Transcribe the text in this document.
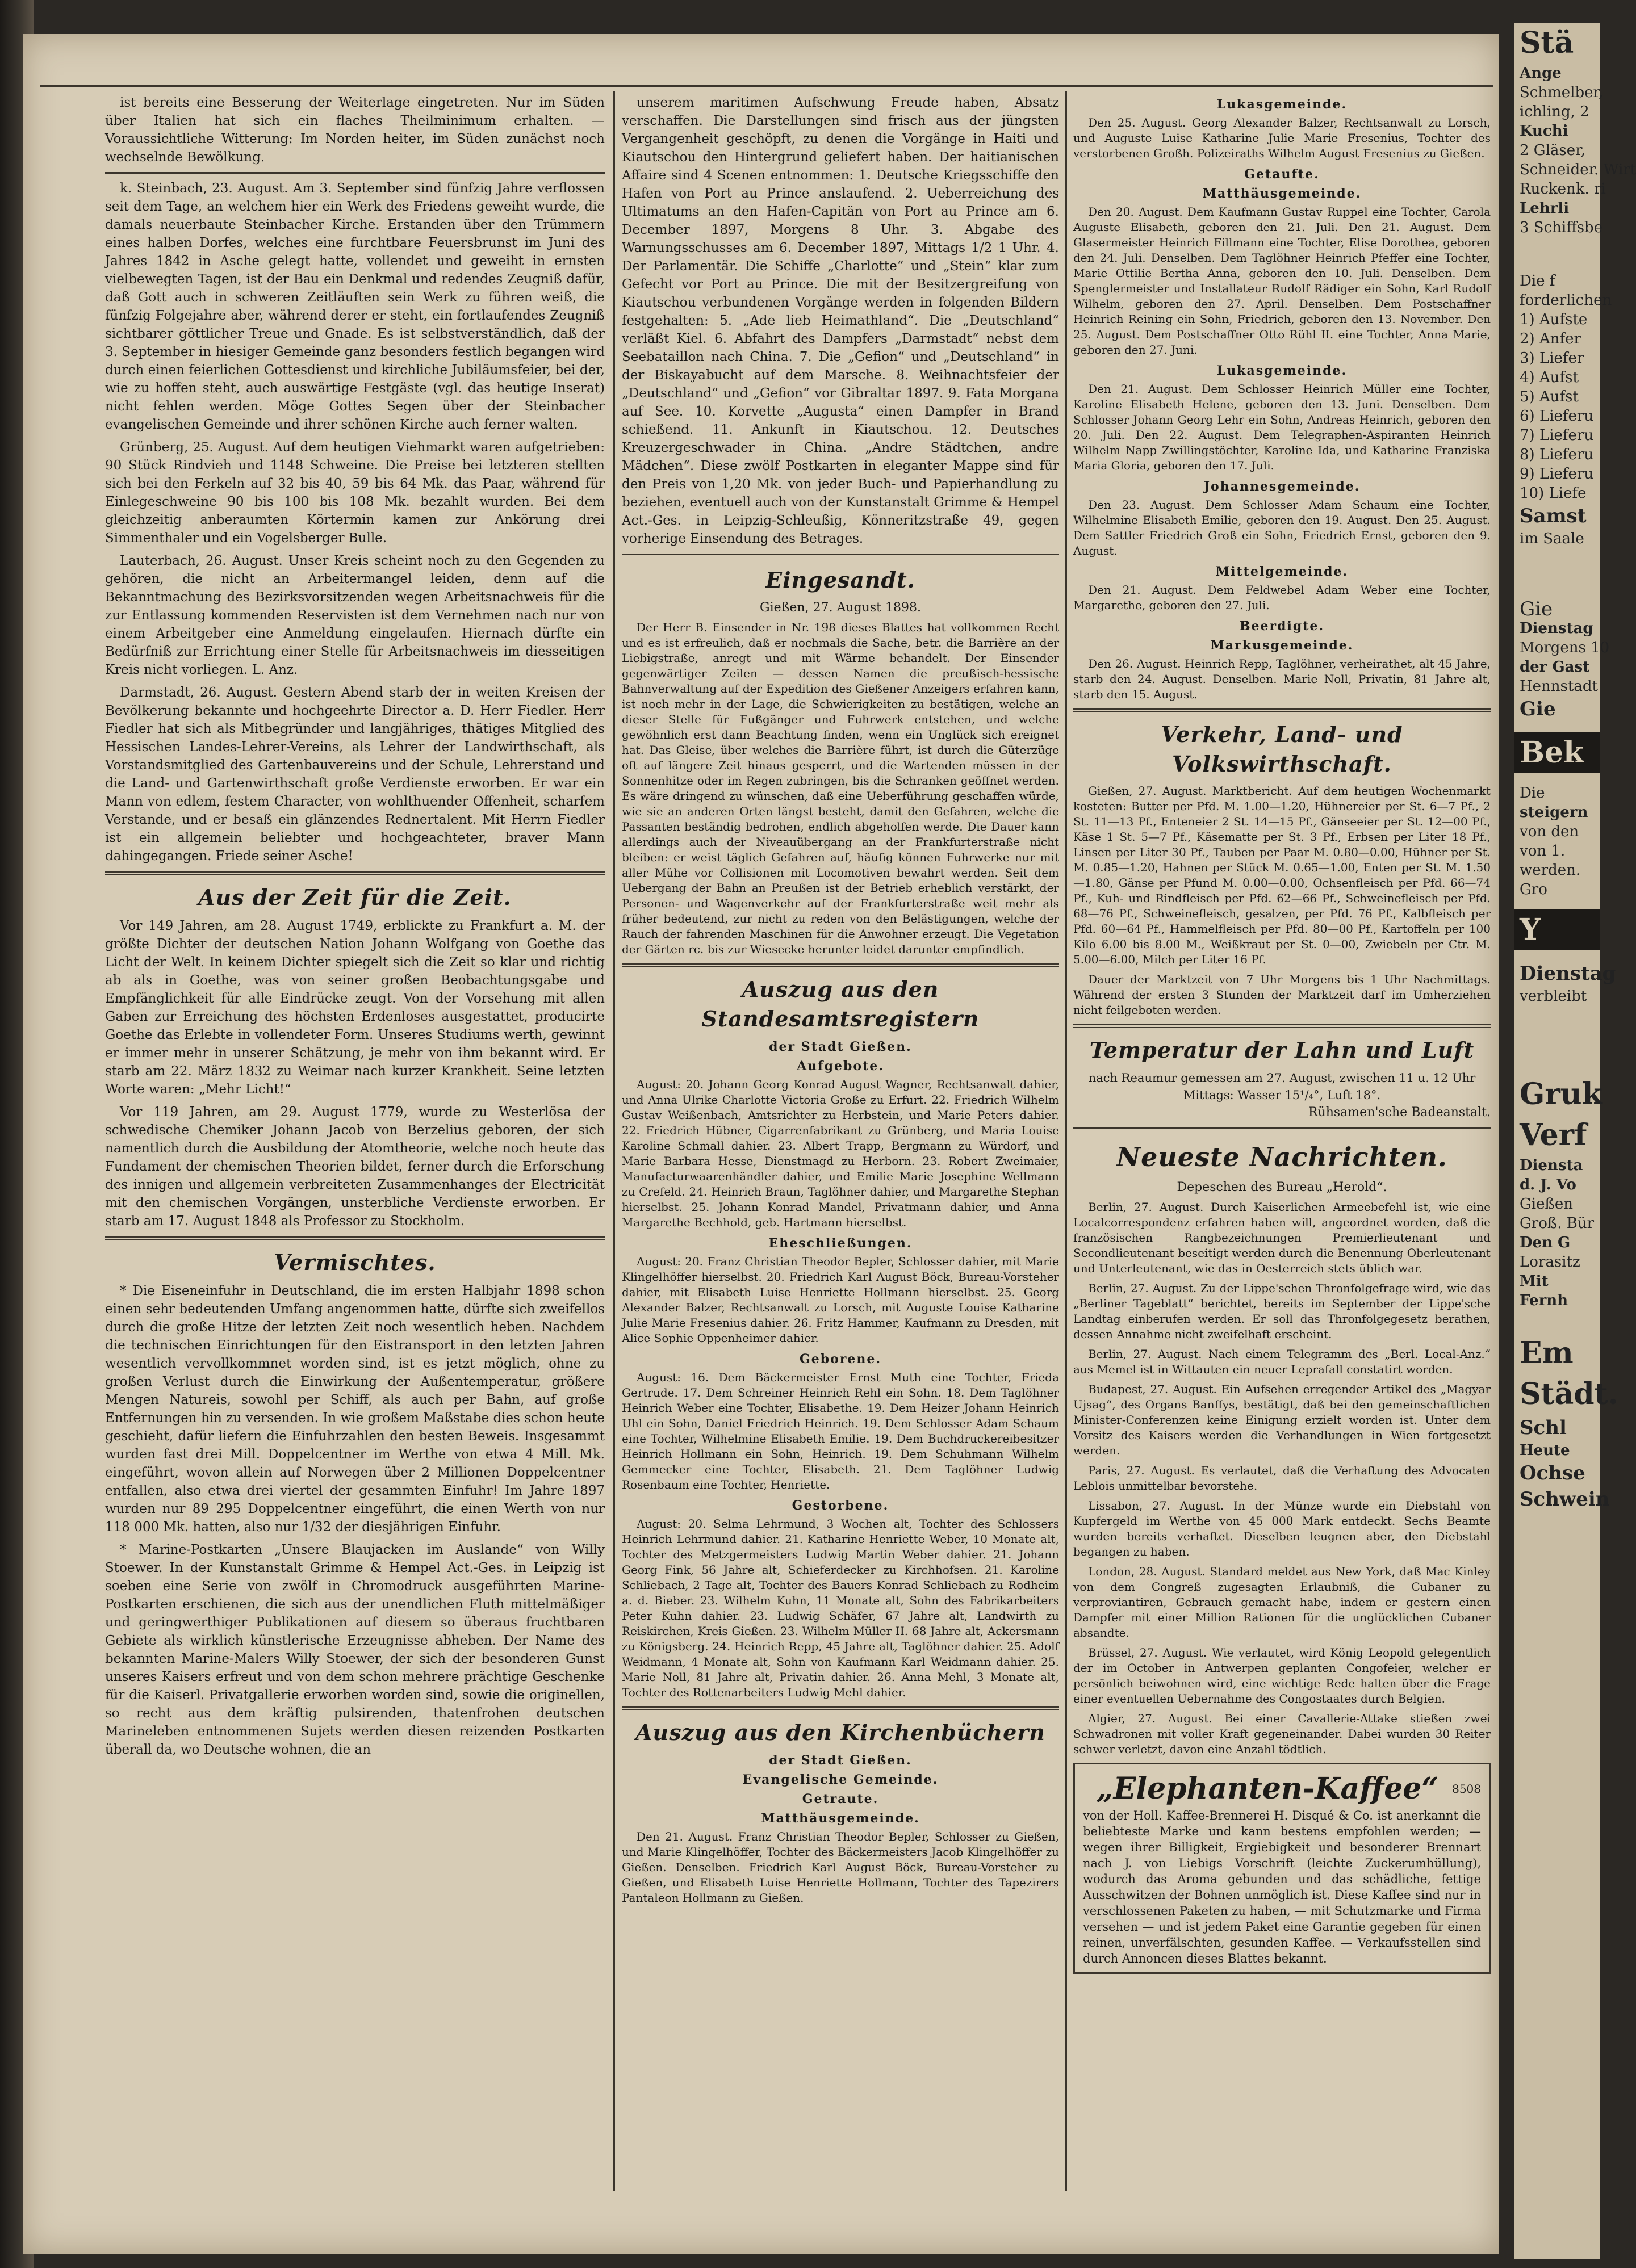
ist bereits eine Besserung der Weiterlage eingetreten. Nur im Süden über Italien hat sich ein flaches Theilminimum erhalten. — Voraussichtliche Witterung: Im Norden heiter, im Süden zunächst noch wechselnde Bewölkung.

k. Steinbach, 23. August. Am 3. September sind fünfzig Jahre verflossen seit dem Tage, an welchem hier ein Werk des Friedens geweiht wurde, die damals neuerbaute Steinbacher Kirche. Erstanden über den Trümmern eines halben Dorfes, welches eine furchtbare Feuersbrunst im Juni des Jahres 1842 in Asche gelegt hatte, vollendet und geweiht in ernsten vielbewegten Tagen, ist der Bau ein Denkmal und redendes Zeugniß dafür, daß Gott auch in schweren Zeitläuften sein Werk zu führen weiß, die fünfzig Folgejahre aber, während derer er steht, ein fortlaufendes Zeugniß sichtbarer göttlicher Treue und Gnade. Es ist selbstverständlich, daß der 3. September in hiesiger Gemeinde ganz besonders festlich begangen wird durch einen feierlichen Gottesdienst und kirchliche Jubiläumsfeier, bei der, wie zu hoffen steht, auch auswärtige Festgäste (vgl. das heutige Inserat) nicht fehlen werden. Möge Gottes Segen über der Steinbacher evangelischen Gemeinde und ihrer schönen Kirche auch ferner walten.

Grünberg, 25. August. Auf dem heutigen Viehmarkt waren aufgetrieben: 90 Stück Rindvieh und 1148 Schweine. Die Preise bei letzteren stellten sich bei den Ferkeln auf 32 bis 40, 59 bis 64 Mk. das Paar, während für Einlegeschweine 90 bis 100 bis 108 Mk. bezahlt wurden. Bei dem gleichzeitig anberaumten Körtermin kamen zur Ankörung drei Simmenthaler und ein Vogelsberger Bulle.

Lauterbach, 26. August. Unser Kreis scheint noch zu den Gegenden zu gehören, die nicht an Arbeitermangel leiden, denn auf die Bekanntmachung des Bezirksvorsitzenden wegen Arbeitsnachweis für die zur Entlassung kommenden Reservisten ist dem Vernehmen nach nur von einem Arbeitgeber eine Anmeldung eingelaufen. Hiernach dürfte ein Bedürfniß zur Errichtung einer Stelle für Arbeitsnachweis im diesseitigen Kreis nicht vorliegen. L. Anz.

Darmstadt, 26. August. Gestern Abend starb der in weiten Kreisen der Bevölkerung bekannte und hochgeehrte Director a. D. Herr Fiedler. Herr Fiedler hat sich als Mitbegründer und langjähriges, thätiges Mitglied des Hessischen Landes-Lehrer-Vereins, als Lehrer der Landwirthschaft, als Vorstandsmitglied des Gartenbauvereins und der Schule, Lehrerstand und die Land- und Gartenwirthschaft große Verdienste erworben. Er war ein Mann von edlem, festem Character, von wohlthuender Offenheit, scharfem Verstande, und er besaß ein glänzendes Rednertalent. Mit Herrn Fiedler ist ein allgemein beliebter und hochgeachteter, braver Mann dahingegangen. Friede seiner Asche!

Aus der Zeit für die Zeit.

Vor 149 Jahren, am 28. August 1749, erblickte zu Frankfurt a. M. der größte Dichter der deutschen Nation Johann Wolfgang von Goethe das Licht der Welt. In keinem Dichter spiegelt sich die Zeit so klar und richtig ab als in Goethe, was von seiner großen Beobachtungsgabe und Empfänglichkeit für alle Eindrücke zeugt. Von der Vorsehung mit allen Gaben zur Erreichung des höchsten Erdenloses ausgestattet, producirte Goethe das Erlebte in vollendeter Form. Unseres Studiums werth, gewinnt er immer mehr in unserer Schätzung, je mehr von ihm bekannt wird. Er starb am 22. März 1832 zu Weimar nach kurzer Krankheit. Seine letzten Worte waren: „Mehr Licht!“

Vor 119 Jahren, am 29. August 1779, wurde zu Westerlösa der schwedische Chemiker Johann Jacob von Berzelius geboren, der sich namentlich durch die Ausbildung der Atomtheorie, welche noch heute das Fundament der chemischen Theorien bildet, ferner durch die Erforschung des innigen und allgemein verbreiteten Zusammenhanges der Electricität mit den chemischen Vorgängen, unsterbliche Verdienste erworben. Er starb am 17. August 1848 als Professor zu Stockholm.

Vermischtes.

* Die Eiseneinfuhr in Deutschland, die im ersten Halbjahr 1898 schon einen sehr bedeutenden Umfang angenommen hatte, dürfte sich zweifellos durch die große Hitze der letzten Zeit noch wesentlich heben. Nachdem die technischen Einrichtungen für den Eistransport in den letzten Jahren wesentlich vervollkommnet worden sind, ist es jetzt möglich, ohne zu großen Verlust durch die Einwirkung der Außentemperatur, größere Mengen Natureis, sowohl per Schiff, als auch per Bahn, auf große Entfernungen hin zu versenden. In wie großem Maßstabe dies schon heute geschieht, dafür liefern die Einfuhrzahlen den besten Beweis. Insgesammt wurden fast drei Mill. Doppelcentner im Werthe von etwa 4 Mill. Mk. eingeführt, wovon allein auf Norwegen über 2 Millionen Doppelcentner entfallen, also etwa drei viertel der gesammten Einfuhr! Im Jahre 1897 wurden nur 89 295 Doppelcentner eingeführt, die einen Werth von nur 118 000 Mk. hatten, also nur 1/32 der diesjährigen Einfuhr.

* Marine-Postkarten „Unsere Blaujacken im Auslande“ von Willy Stoewer. In der Kunstanstalt Grimme & Hempel Act.-Ges. in Leipzig ist soeben eine Serie von zwölf in Chromodruck ausgeführten Marine-Postkarten erschienen, die sich aus der unendlichen Fluth mittelmäßiger und geringwerthiger Publikationen auf diesem so überaus fruchtbaren Gebiete als wirklich künstlerische Erzeugnisse abheben. Der Name des bekannten Marine-Malers Willy Stoewer, der sich der besonderen Gunst unseres Kaisers erfreut und von dem schon mehrere prächtige Geschenke für die Kaiserl. Privatgallerie erworben worden sind, sowie die originellen, so recht aus dem kräftig pulsirenden, thatenfrohen deutschen Marineleben entnommenen Sujets werden diesen reizenden Postkarten überall da, wo Deutsche wohnen, die an

unserem maritimen Aufschwung Freude haben, Absatz verschaffen. Die Darstellungen sind frisch aus der jüngsten Vergangenheit geschöpft, zu denen die Vorgänge in Haiti und Kiautschou den Hintergrund geliefert haben. Der haitianischen Affaire sind 4 Scenen entnommen: 1. Deutsche Kriegsschiffe den Hafen von Port au Prince anslaufend. 2. Ueberreichung des Ultimatums an den Hafen-Capitän von Port au Prince am 6. December 1897, Morgens 8 Uhr. 3. Abgabe des Warnungsschusses am 6. December 1897, Mittags 1/2 1 Uhr. 4. Der Parlamentär. Die Schiffe „Charlotte“ und „Stein“ klar zum Gefecht vor Port au Prince. Die mit der Besitzergreifung von Kiautschou verbundenen Vorgänge werden in folgenden Bildern festgehalten: 5. „Ade lieb Heimathland“. Die „Deutschland“ verläßt Kiel. 6. Abfahrt des Dampfers „Darmstadt“ nebst dem Seebataillon nach China. 7. Die „Gefion“ und „Deutschland“ in der Biskayabucht auf dem Marsche. 8. Weihnachtsfeier der „Deutschland“ und „Gefion“ vor Gibraltar 1897. 9. Fata Morgana auf See. 10. Korvette „Augusta“ einen Dampfer in Brand schießend. 11. Ankunft in Kiautschou. 12. Deutsches Kreuzergeschwader in China. „Andre Städtchen, andre Mädchen“. Diese zwölf Postkarten in eleganter Mappe sind für den Preis von 1,20 Mk. von jeder Buch- und Papierhandlung zu beziehen, eventuell auch von der Kunstanstalt Grimme & Hempel Act.-Ges. in Leipzig-Schleußig, Könneritzstraße 49, gegen vorherige Einsendung des Betrages.

Eingesandt.
Gießen, 27. August 1898.

Der Herr B. Einsender in Nr. 198 dieses Blattes hat vollkommen Recht und es ist erfreulich, daß er nochmals die Sache, betr. die Barrière an der Liebigstraße, anregt und mit Wärme behandelt. Der Einsender gegenwärtiger Zeilen — dessen Namen die preußisch-hessische Bahnverwaltung auf der Expedition des Gießener Anzeigers erfahren kann, ist noch mehr in der Lage, die Schwierigkeiten zu bestätigen, welche an dieser Stelle für Fußgänger und Fuhrwerk entstehen, und welche gewöhnlich erst dann Beachtung finden, wenn ein Unglück sich ereignet hat. Das Gleise, über welches die Barrière führt, ist durch die Güterzüge oft auf längere Zeit hinaus gesperrt, und die Wartenden müssen in der Sonnenhitze oder im Regen zubringen, bis die Schranken geöffnet werden. Es wäre dringend zu wünschen, daß eine Ueberführung geschaffen würde, wie sie an anderen Orten längst besteht, damit den Gefahren, welche die Passanten beständig bedrohen, endlich abgeholfen werde. Die Dauer kann allerdings auch der Niveauübergang an der Frankfurterstraße nicht bleiben: er weist täglich Gefahren auf, häufig können Fuhrwerke nur mit aller Mühe vor Collisionen mit Locomotiven bewahrt werden. Seit dem Uebergang der Bahn an Preußen ist der Betrieb erheblich verstärkt, der Personen- und Wagenverkehr auf der Frankfurterstraße weit mehr als früher bedeutend, zur nicht zu reden von den Belästigungen, welche der Rauch der fahrenden Maschinen für die Anwohner erzeugt. Die Vegetation der Gärten rc. bis zur Wiesecke herunter leidet darunter empfindlich.

Auszug aus den Standesamtsregistern
der Stadt Gießen.
Aufgebote.

August: 20. Johann Georg Konrad August Wagner, Rechtsanwalt dahier, und Anna Ulrike Charlotte Victoria Große zu Erfurt. 22. Friedrich Wilhelm Gustav Weißenbach, Amtsrichter zu Herbstein, und Marie Peters dahier. 22. Friedrich Hübner, Cigarrenfabrikant zu Grünberg, und Maria Louise Karoline Schmall dahier. 23. Albert Trapp, Bergmann zu Würdorf, und Marie Barbara Hesse, Dienstmagd zu Herborn. 23. Robert Zweimaier, Manufacturwaarenhändler dahier, und Emilie Marie Josephine Wellmann zu Crefeld. 24. Heinrich Braun, Taglöhner dahier, und Margarethe Stephan hierselbst. 25. Johann Konrad Mandel, Privatmann dahier, und Anna Margarethe Bechhold, geb. Hartmann hierselbst.

Eheschließungen.

August: 20. Franz Christian Theodor Bepler, Schlosser dahier, mit Marie Klingelhöffer hierselbst. 20. Friedrich Karl August Böck, Bureau-Vorsteher dahier, mit Elisabeth Luise Henriette Hollmann hierselbst. 25. Georg Alexander Balzer, Rechtsanwalt zu Lorsch, mit Auguste Louise Katharine Julie Marie Fresenius dahier. 26. Fritz Hammer, Kaufmann zu Dresden, mit Alice Sophie Oppenheimer dahier.

Geborene.

August: 16. Dem Bäckermeister Ernst Muth eine Tochter, Frieda Gertrude. 17. Dem Schreiner Heinrich Rehl ein Sohn. 18. Dem Taglöhner Heinrich Weber eine Tochter, Elisabethe. 19. Dem Heizer Johann Heinrich Uhl ein Sohn, Daniel Friedrich Heinrich. 19. Dem Schlosser Adam Schaum eine Tochter, Wilhelmine Elisabeth Emilie. 19. Dem Buchdruckereibesitzer Heinrich Hollmann ein Sohn, Heinrich. 19. Dem Schuhmann Wilhelm Gemmecker eine Tochter, Elisabeth. 21. Dem Taglöhner Ludwig Rosenbaum eine Tochter, Henriette.

Gestorbene.

August: 20. Selma Lehrmund, 3 Wochen alt, Tochter des Schlossers Heinrich Lehrmund dahier. 21. Katharine Henriette Weber, 10 Monate alt, Tochter des Metzgermeisters Ludwig Martin Weber dahier. 21. Johann Georg Fink, 56 Jahre alt, Schieferdecker zu Kirchhofsen. 21. Karoline Schliebach, 2 Tage alt, Tochter des Bauers Konrad Schliebach zu Rodheim a. d. Bieber. 23. Wilhelm Kuhn, 11 Monate alt, Sohn des Fabrikarbeiters Peter Kuhn dahier. 23. Ludwig Schäfer, 67 Jahre alt, Landwirth zu Reiskirchen, Kreis Gießen. 23. Wilhelm Müller II. 68 Jahre alt, Ackersmann zu Königsberg. 24. Heinrich Repp, 45 Jahre alt, Taglöhner dahier. 25. Adolf Weidmann, 4 Monate alt, Sohn von Kaufmann Karl Weidmann dahier. 25. Marie Noll, 81 Jahre alt, Privatin dahier. 26. Anna Mehl, 3 Monate alt, Tochter des Rottenarbeiters Ludwig Mehl dahier.

Auszug aus den Kirchenbüchern
der Stadt Gießen.
Evangelische Gemeinde.
Getraute.
Matthäusgemeinde.

Den 21. August. Franz Christian Theodor Bepler, Schlosser zu Gießen, und Marie Klingelhöffer, Tochter des Bäckermeisters Jacob Klingelhöffer zu Gießen. Denselben. Friedrich Karl August Böck, Bureau-Vorsteher zu Gießen, und Elisabeth Luise Henriette Hollmann, Tochter des Tapezirers Pantaleon Hollmann zu Gießen.

Lukasgemeinde.

Den 25. August. Georg Alexander Balzer, Rechtsanwalt zu Lorsch, und Auguste Luise Katharine Julie Marie Fresenius, Tochter des verstorbenen Großh. Polizeiraths Wilhelm August Fresenius zu Gießen.

Getaufte.
Matthäusgemeinde.

Den 20. August. Dem Kaufmann Gustav Ruppel eine Tochter, Carola Auguste Elisabeth, geboren den 21. Juli. Den 21. August. Dem Glasermeister Heinrich Fillmann eine Tochter, Elise Dorothea, geboren den 24. Juli. Denselben. Dem Taglöhner Heinrich Pfeffer eine Tochter, Marie Ottilie Bertha Anna, geboren den 10. Juli. Denselben. Dem Spenglermeister und Installateur Rudolf Rädiger ein Sohn, Karl Rudolf Wilhelm, geboren den 27. April. Denselben. Dem Postschaffner Heinrich Reining ein Sohn, Friedrich, geboren den 13. November. Den 25. August. Dem Postschaffner Otto Rühl II. eine Tochter, Anna Marie, geboren den 27. Juni.

Lukasgemeinde.

Den 21. August. Dem Schlosser Heinrich Müller eine Tochter, Karoline Elisabeth Helene, geboren den 13. Juni. Denselben. Dem Schlosser Johann Georg Lehr ein Sohn, Andreas Heinrich, geboren den 20. Juli. Den 22. August. Dem Telegraphen-Aspiranten Heinrich Wilhelm Napp Zwillingstöchter, Karoline Ida, und Katharine Franziska Maria Gloria, geboren den 17. Juli.

Johannesgemeinde.

Den 23. August. Dem Schlosser Adam Schaum eine Tochter, Wilhelmine Elisabeth Emilie, geboren den 19. August. Den 25. August. Dem Sattler Friedrich Groß ein Sohn, Friedrich Ernst, geboren den 9. August.

Mittelgemeinde.

Den 21. August. Dem Feldwebel Adam Weber eine Tochter, Margarethe, geboren den 27. Juli.

Beerdigte.
Markusgemeinde.

Den 26. August. Heinrich Repp, Taglöhner, verheirathet, alt 45 Jahre, starb den 24. August. Denselben. Marie Noll, Privatin, 81 Jahre alt, starb den 15. August.

Verkehr, Land- und Volkswirthschaft.

Gießen, 27. August. Marktbericht. Auf dem heutigen Wochenmarkt kosteten: Butter per Pfd. M. 1.00—1.20, Hühnereier per St. 6—7 Pf., 2 St. 11—13 Pf., Enteneier 2 St. 14—15 Pf., Gänseeier per St. 12—00 Pf., Käse 1 St. 5—7 Pf., Käsematte per St. 3 Pf., Erbsen per Liter 18 Pf., Linsen per Liter 30 Pf., Tauben per Paar M. 0.80—0.00, Hühner per St. M. 0.85—1.20, Hahnen per Stück M. 0.65—1.00, Enten per St. M. 1.50—1.80, Gänse per Pfund M. 0.00—0.00, Ochsenfleisch per Pfd. 66—74 Pf., Kuh- und Rindfleisch per Pfd. 62—66 Pf., Schweinefleisch per Pfd. 68—76 Pf., Schweinefleisch, gesalzen, per Pfd. 76 Pf., Kalbfleisch per Pfd. 60—64 Pf., Hammelfleisch per Pfd. 80—00 Pf., Kartoffeln per 100 Kilo 6.00 bis 8.00 M., Weißkraut per St. 0—00, Zwiebeln per Ctr. M. 5.00—6.00, Milch per Liter 16 Pf.

Dauer der Marktzeit von 7 Uhr Morgens bis 1 Uhr Nachmittags. Während der ersten 3 Stunden der Marktzeit darf im Umherziehen nicht feilgeboten werden.

Temperatur der Lahn und Luft
nach Reaumur gemessen am 27. August, zwischen 11 u. 12 Uhr Mittags: Wasser 15¹/₄°, Luft 18°.
Rühsamen'sche Badeanstalt.
Neueste Nachrichten.
Depeschen des Bureau „Herold“.

Berlin, 27. August. Durch Kaiserlichen Armeebefehl ist, wie eine Localcorrespondenz erfahren haben will, angeordnet worden, daß die französischen Rangbezeichnungen Premierlieutenant und Secondlieutenant beseitigt werden durch die Benennung Oberleutenant und Unterleutenant, wie das in Oesterreich stets üblich war.

Berlin, 27. August. Zu der Lippe'schen Thronfolgefrage wird, wie das „Berliner Tageblatt“ berichtet, bereits im September der Lippe'sche Landtag einberufen werden. Er soll das Thronfolgegesetz berathen, dessen Annahme nicht zweifelhaft erscheint.

Berlin, 27. August. Nach einem Telegramm des „Berl. Local-Anz.“ aus Memel ist in Wittauten ein neuer Leprafall constatirt worden.

Budapest, 27. August. Ein Aufsehen erregender Artikel des „Magyar Ujsag“, des Organs Banffys, bestätigt, daß bei den gemeinschaftlichen Minister-Conferenzen keine Einigung erzielt worden ist. Unter dem Vorsitz des Kaisers werden die Verhandlungen in Wien fortgesetzt werden.

Paris, 27. August. Es verlautet, daß die Verhaftung des Advocaten Leblois unmittelbar bevorstehe.

Lissabon, 27. August. In der Münze wurde ein Diebstahl von Kupfergeld im Werthe von 45 000 Mark entdeckt. Sechs Beamte wurden bereits verhaftet. Dieselben leugnen aber, den Diebstahl begangen zu haben.

London, 28. August. Standard meldet aus New York, daß Mac Kinley von dem Congreß zugesagten Erlaubniß, die Cubaner zu verproviantiren, Gebrauch gemacht habe, indem er gestern einen Dampfer mit einer Million Rationen für die unglücklichen Cubaner absandte.

Brüssel, 27. August. Wie verlautet, wird König Leopold gelegentlich der im October in Antwerpen geplanten Congofeier, welcher er persönlich beiwohnen wird, eine wichtige Rede halten über die Frage einer eventuellen Uebernahme des Congostaates durch Belgien.

Algier, 27. August. Bei einer Cavallerie-Attake stießen zwei Schwadronen mit voller Kraft gegeneinander. Dabei wurden 30 Reiter schwer verletzt, davon eine Anzahl tödtlich.

8508
„Elephanten-Kaffee“
von der Holl. Kaffee-Brennerei H. Disqué & Co. ist anerkannt die beliebteste Marke und kann bestens empfohlen werden; — wegen ihrer Billigkeit, Ergiebigkeit und besonderer Brennart nach J. von Liebigs Vorschrift (leichte Zuckerumhüllung), wodurch das Aroma gebunden und das schädliche, fettige Ausschwitzen der Bohnen unmöglich ist. Diese Kaffee sind nur in verschlossenen Paketen zu haben, — mit Schutzmarke und Firma versehen — und ist jedem Paket eine Garantie gegeben für einen reinen, unverfälschten, gesunden Kaffee. — Verkaufsstellen sind durch Annoncen dieses Blattes bekannt.
Stä
Ange
Schmelber,
ichling, 2
Kuchi
2 Gläser,
Schneider. Wirt
Ruckenk. ri
Lehrli
3 Schiffsbe
Die f
forderlichen
1) Aufste
2) Anfer
3) Liefer
4) Aufst
5) Aufst
6) Lieferu
7) Lieferu
8) Lieferu
9) Lieferu
10) Liefe
Samst
im Saale
Gie
Dienstag
Morgens 10
der Gast
Hennstadt
Gie
Bek
Die
steigern
von den
von 1.
werden.
Gro
Y
Dienstag
verbleibt
Gruk
Verf
Diensta
d. J. Vo
Gießen
Groß. Bür
Den G
Lorasitz
Mit
Fernh
Em
Städt.
Schl
Heute
Ochse
Schwein
